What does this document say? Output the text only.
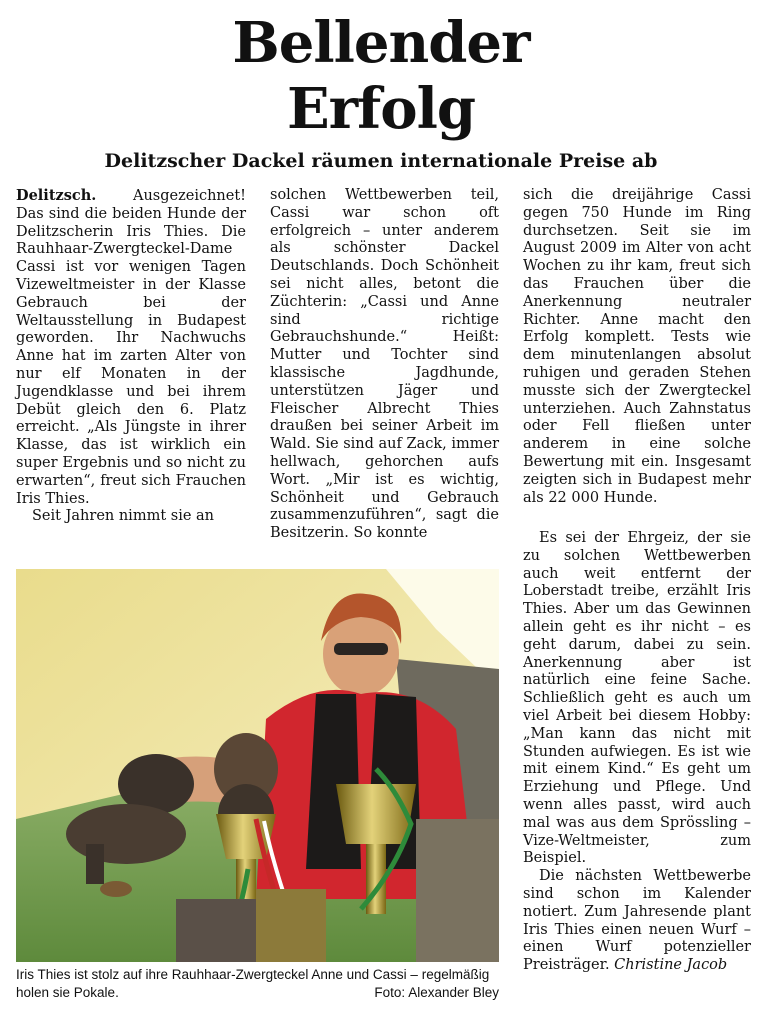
Bellender
Erfolg
Delitzscher Dackel räumen internationale Preise ab

Delitzsch.	Ausgezeichnet! Das sind die beiden Hunde der Delitzscherin Iris Thies. Die Rauhhaar-Zwergteckel-Dame Cassi ist vor wenigen Tagen Vizeweltmeister in der Klasse Gebrauch bei der Weltausstellung in Budapest geworden. Ihr Nachwuchs Anne hat im zarten Alter von nur elf Monaten in der Jugendklasse und bei ihrem Debüt gleich den 6. Platz erreicht. „Als Jüngste in ihrer Klasse, das ist wirklich ein super Ergebnis und so nicht zu erwarten“, freut sich Frauchen Iris Thies.

Seit Jahren nimmt sie an

solchen Wettbewerben teil, Cassi war schon oft erfolgreich – unter anderem als schönster Dackel Deutschlands. Doch Schönheit sei nicht alles, betont die Züchterin: „Cassi und Anne sind richtige Gebrauchshunde.“ Heißt: Mutter und Tochter sind klassische Jagdhunde, unterstützen Jäger und Fleischer Albrecht Thies draußen bei seiner Arbeit im Wald. Sie sind auf Zack, immer hellwach, gehorchen aufs Wort. „Mir ist es wichtig, Schönheit und Gebrauch zusammenzuführen“, sagt die Besitzerin. So konnte

sich die dreijährige Cassi gegen 750 Hunde im Ring durchsetzen. Seit sie im August 2009 im Alter von acht Wochen zu ihr kam, freut sich das Frauchen über die Anerkennung neutraler Richter. Anne macht den Erfolg komplett. Tests wie dem minutenlangen absolut ruhigen und geraden Stehen musste sich der Zwergteckel unterziehen. Auch Zahnstatus oder Fell fließen unter anderem in eine solche Bewertung mit ein. Insgesamt zeigten sich in Budapest mehr als 22 000 Hunde.

Es sei der Ehrgeiz, der sie zu solchen Wettbewerben auch weit entfernt der Loberstadt treibe, erzählt Iris Thies. Aber um das Gewinnen allein geht es ihr nicht – es geht darum, dabei zu sein. Anerkennung aber ist natürlich eine feine Sache. Schließlich geht es auch um viel Arbeit bei diesem Hobby: „Man kann das nicht mit Stunden aufwiegen. Es ist wie mit einem Kind.“ Es geht um Erziehung und Pflege. Und wenn alles passt, wird auch mal was aus dem Sprössling – Vize-Weltmeister, zum Beispiel.

Die nächsten Wettbewerbe sind schon im Kalender notiert. Zum Jahresende plant Iris Thies einen neuen Wurf – einen Wurf potenzieller Preisträger. Christine Jacob

Iris Thies ist stolz auf ihre Rauhhaar-Zwergteckel Anne und Cassi – regelmäßig holen sie Pokale.	Foto: Alexander Bley
